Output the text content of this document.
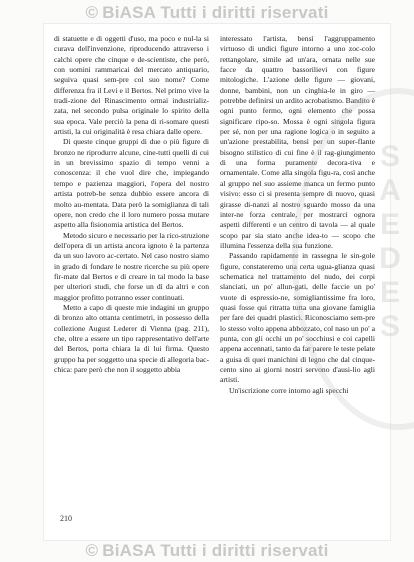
© BiASA Tutti i diritti riservati

di statuette e di oggetti d'uso, ma poco e nul-la si curava dell'invenzione, riproducendo attraverso i calchi opere che cinque e de-scientiste, che però, con uomini rammaricai del mercato antiquario, seguiva quasi sem-pre col suo nome? Come differenza fra il Levi e il Bertos. Nel primo vive la tradi-zione del Rinascimento ormai industrializ-zata, nel secondo pulsa originale lo spirito della sua epoca. Vale perciò la pena di ri-somare questi artisti, la cui originalità è resa chiara dalle opere.

Di queste cinque gruppi di due o più figure di bronzo ne riprodurre alcune, cine-tutti quelli di cui in un brevissimo spazio di tempo venni a conoscenza: il che vuol dire che, impiegando tempo e pazienza maggiori, l'opera del nostro artista potreb-be senza dubbio essere ancora di molto au-mentata. Data però la somiglianza di tali opere, non credo che il loro numero possa mutare aspetto alla fisionomia artistica del Bertos.

Metodo sicuro e necessario per la rico-struzione dell'opera di un artista ancora ignoto è la partenza da un suo lavoro ac-certato. Nel caso nostro siamo in grado di fondare le nostre ricerche su più opere fir-mate dal Bertos e di creare in tal modo la base per ulteriori studi, che forse un dì da altri e con maggior profitto potranno esser continuati.

Metto a capo di queste mie indagini un gruppo di bronzo alto ottanta centimetri, in possesso della collezione August Lederer di Vienna (pag. 211), che, oltre a essere un tipo rappresentativo dell'arte del Bertos, porta chiara la di lui firma. Questo gruppo ha per soggetto una specie di allegoria bac-chica: pare però che non il soggetto abbia

interessato l'artista, bensì l'aggruppamento virtuoso di undici figure intorno a uno zoc-colo rettangolare, simile ad un'ara, ornata nelle sue facce da quattro bassorilievi con figure mitologiche. L'azione delle figure — giovani, donne, bambini, non un cinghia-le in giro — potrebbe definirsi un ardito acrobatismo. Bandito è ogni punto fermo, ogni elemento che possa significare ripo-so. Mossa è ogni singola figura per sé, non per una ragione logica o in seguito a un'azione prestabilita, bensì per un super-flante bisogno stilistico di cui fine è il rag-giungimento di una forma puramente decora-tiva e ornamentale. Come alla singola figu-ra, così anche al gruppo nel suo assieme manca un fermo punto visivo: esso ci si presenta sempre di nuovo, quasi girasse di-nanzi al nostro sguardo mosso da una inter-ne forza centrale, per mostrarci ognora aspetti differenti e un centro di tavola — al quale scopo par sia stato anche idea-to — scopo che illumina l'essenza della sua funzione.

Passando rapidamente in rassegna le sin-gole figure, constateremo una certa ugua-glianza quasi schematica nel trattamento del nudo, dei corpi slanciati, un po' allun-gati, delle faccie un po' vuote di espressio-ne, somigliantissime fra loro, quasi fosse qui ritratta tutta una giovane famiglia per fare dei quadri plastici. Riconosciamo sem-pre lo stesso volto appena abbozzato, col naso un po' a punta, con gli occhi un po' socchiusi e coi capelli appena accennati, tanto da far parere le teste pelate a guisa di quei manichini di legno che dal cinque-cento sino ai giorni nostri servono d'ausi-lio agli artisti.

Un'iscrizione corre intorno agli specchi

210
S
A
E
D
E
S
© BiASA Tutti i diritti riservati
